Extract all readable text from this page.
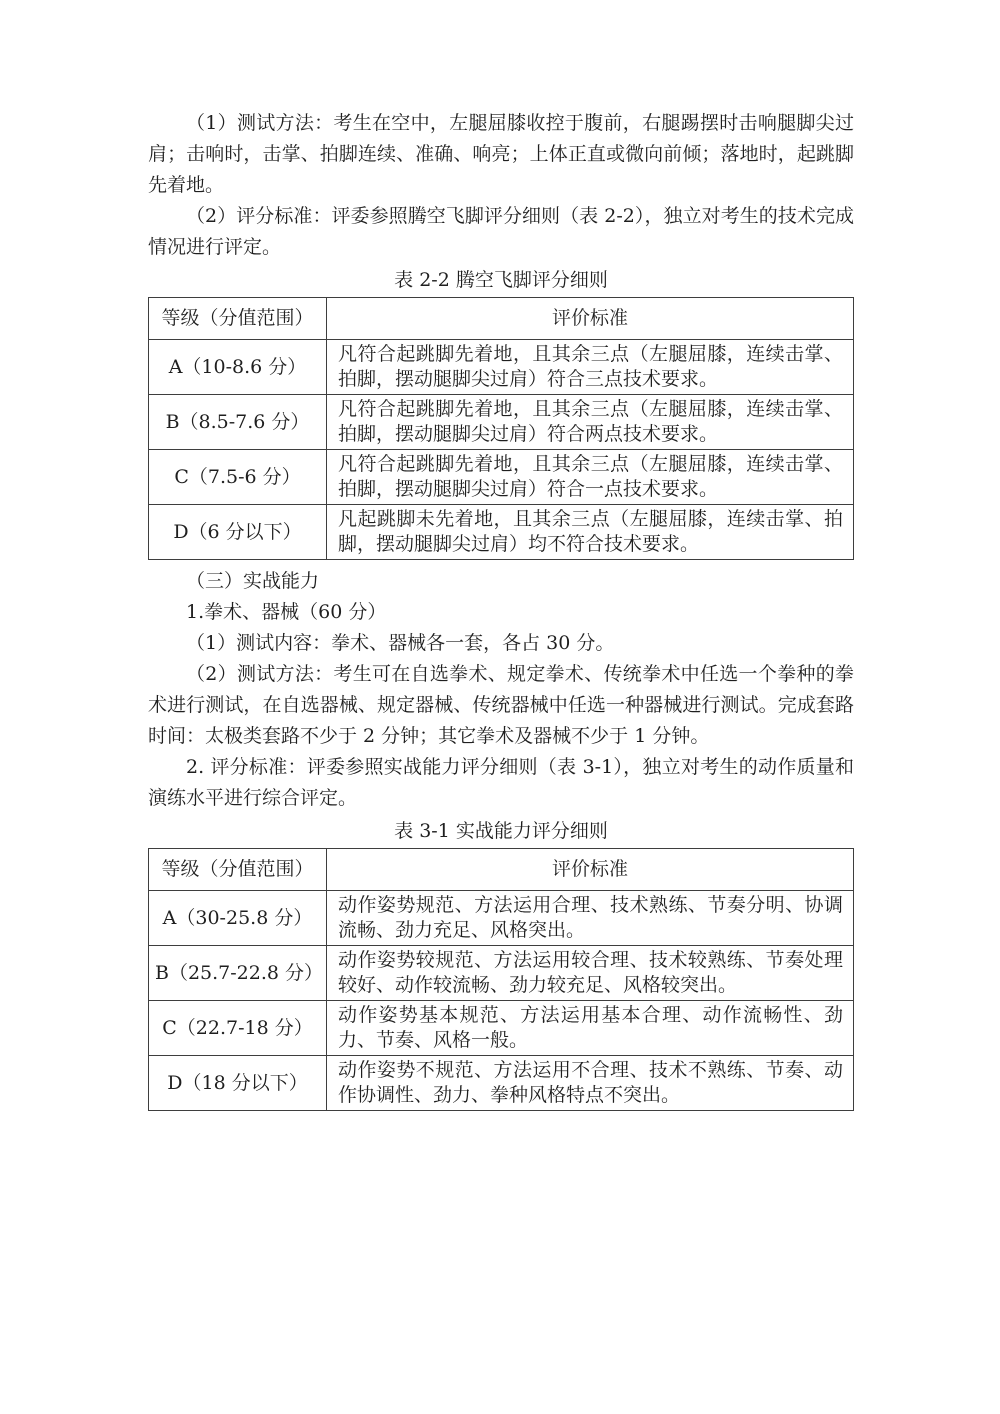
（1）测试方法：考生在空中，左腿屈膝收控于腹前，右腿踢摆时击响腿脚尖过肩；击响时，击掌、拍脚连续、准确、响亮；上体正直或微向前倾；落地时，起跳脚先着地。

（2）评分标准：评委参照腾空飞脚评分细则（表 2-2），独立对考生的技术完成情况进行评定。

表 2-2 腾空飞脚评分细则

等级（分值范围）	评价标准
A（10-8.6 分）	凡符合起跳脚先着地，且其余三点（左腿屈膝，连续击掌、拍脚，摆动腿脚尖过肩）符合三点技术要求。
B（8.5-7.6 分）	凡符合起跳脚先着地，且其余三点（左腿屈膝，连续击掌、拍脚，摆动腿脚尖过肩）符合两点技术要求。
C（7.5-6 分）	凡符合起跳脚先着地，且其余三点（左腿屈膝，连续击掌、拍脚，摆动腿脚尖过肩）符合一点技术要求。
D（6 分以下）	凡起跳脚未先着地，且其余三点（左腿屈膝，连续击掌、拍脚，摆动腿脚尖过肩）均不符合技术要求。

（三）实战能力

1.拳术、器械（60 分）

（1）测试内容：拳术、器械各一套，各占 30 分。

（2）测试方法：考生可在自选拳术、规定拳术、传统拳术中任选一个拳种的拳术进行测试，在自选器械、规定器械、传统器械中任选一种器械进行测试。完成套路时间：太极类套路不少于 2 分钟；其它拳术及器械不少于 1 分钟。

2. 评分标准：评委参照实战能力评分细则（表 3-1），独立对考生的动作质量和演练水平进行综合评定。

表 3-1 实战能力评分细则

等级（分值范围）	评价标准
A（30-25.8 分）	动作姿势规范、方法运用合理、技术熟练、节奏分明、协调流畅、劲力充足、风格突出。
B（25.7-22.8 分）	动作姿势较规范、方法运用较合理、技术较熟练、节奏处理较好、动作较流畅、劲力较充足、风格较突出。
C（22.7-18 分）	动作姿势基本规范、方法运用基本合理、动作流畅性、劲力、节奏、风格一般。
D（18 分以下）	动作姿势不规范、方法运用不合理、技术不熟练、节奏、动作协调性、劲力、拳种风格特点不突出。
